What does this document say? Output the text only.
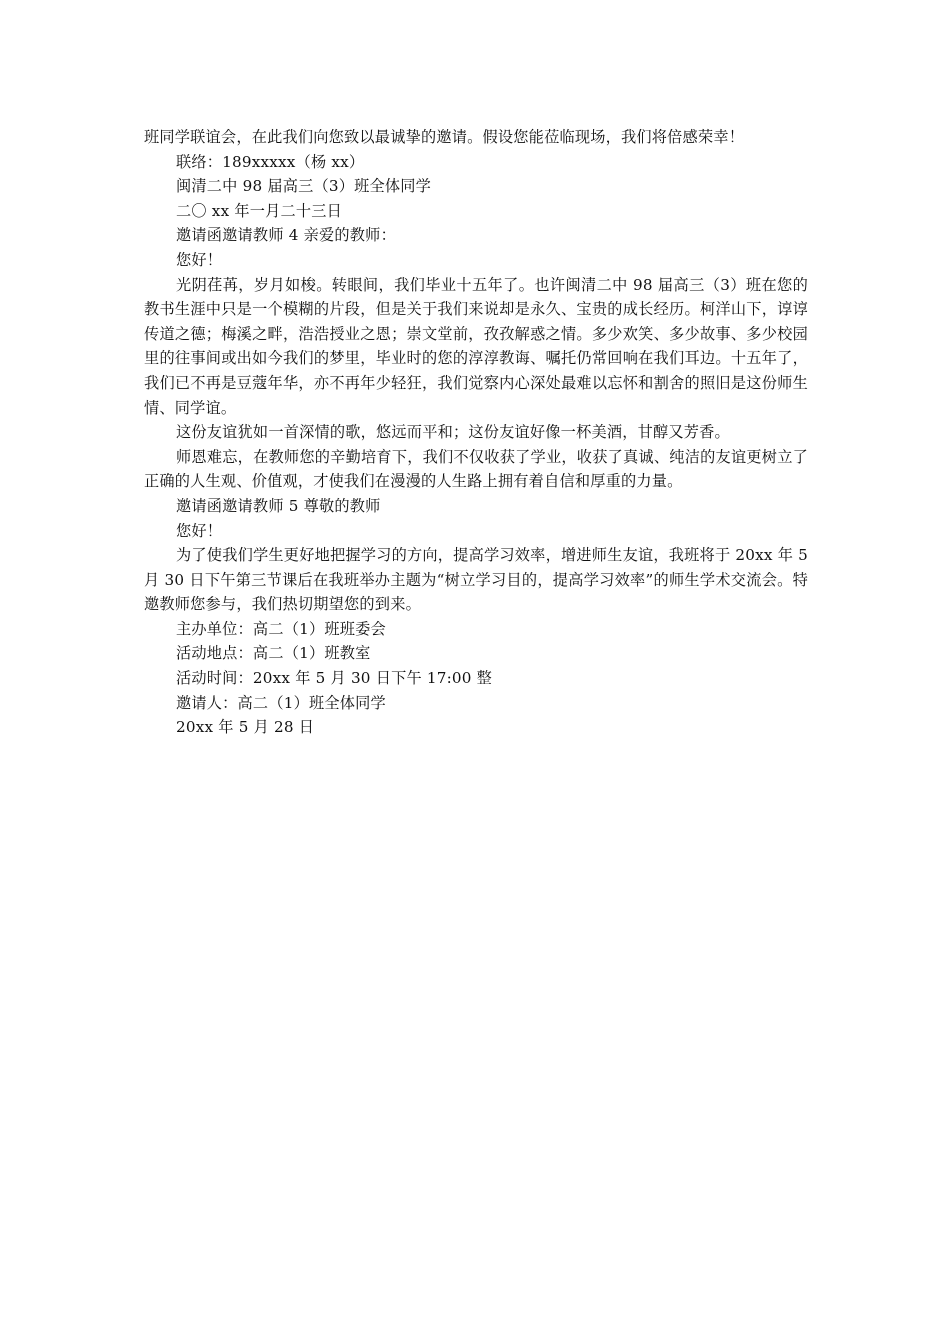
班同学联谊会，在此我们向您致以最诚挚的邀请。假设您能莅临现场，我们将倍感荣幸！

联络：189xxxxx（杨 xx）

闽清二中 98 届高三（3）班全体同学

二〇 xx 年一月二十三日

邀请函邀请教师 4 亲爱的教师：

您好！

光阴荏苒，岁月如梭。转眼间，我们毕业十五年了。也许闽清二中 98 届高三（3）班在您的教书生涯中只是一个模糊的片段，但是关于我们来说却是永久、宝贵的成长经历。柯洋山下，谆谆传道之德；梅溪之畔，浩浩授业之恩；崇文堂前，孜孜解惑之情。多少欢笑、多少故事、多少校园里的往事间或出如今我们的梦里，毕业时的您的淳淳教诲、嘱托仍常回响在我们耳边。十五年了，我们已不再是豆蔻年华，亦不再年少轻狂，我们觉察内心深处最难以忘怀和割舍的照旧是这份师生情、同学谊。

这份友谊犹如一首深情的歌，悠远而平和；这份友谊好像一杯美酒，甘醇又芳香。

师恩难忘，在教师您的辛勤培育下，我们不仅收获了学业，收获了真诚、纯洁的友谊更树立了正确的人生观、价值观，才使我们在漫漫的人生路上拥有着自信和厚重的力量。

邀请函邀请教师 5 尊敬的教师

您好！

为了使我们学生更好地把握学习的方向，提高学习效率，增进师生友谊，我班将于 20xx 年 5 月 30 日下午第三节课后在我班举办主题为“树立学习目的，提高学习效率”的师生学术交流会。特邀教师您参与，我们热切期望您的到来。

主办单位：高二（1）班班委会

活动地点：高二（1）班教室

活动时间：20xx 年 5 月 30 日下午 17:00 整

邀请人：高二（1）班全体同学

20xx 年 5 月 28 日
